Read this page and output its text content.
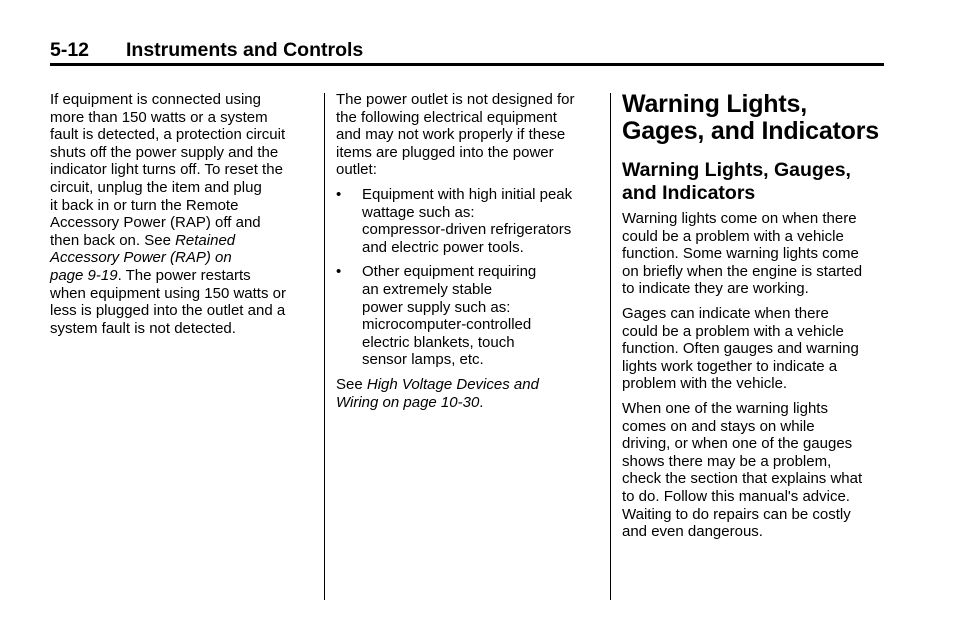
5-12 Instruments and Controls

If equipment is connected using
more than 150 watts or a system
fault is detected, a protection circuit
shuts off the power supply and the
indicator light turns off. To reset the
circuit, unplug the item and plug
it back in or turn the Remote
Accessory Power (RAP) off and
then back on. See Retained
Accessory Power (RAP) on
page 9-19. The power restarts
when equipment using 150 watts or
less is plugged into the outlet and a
system fault is not detected.

The power outlet is not designed for
the following electrical equipment
and may not work properly if these
items are plugged into the power
outlet:

• Equipment with high initial peak
wattage such as:
compressor-driven refrigerators
and electric power tools.
• Other equipment requiring
an extremely stable
power supply such as:
microcomputer-controlled
electric blankets, touch
sensor lamps, etc.

See High Voltage Devices and
Wiring on page 10-30.

Warning Lights,
Gages, and Indicators
Warning Lights, Gauges,
and Indicators

Warning lights come on when there
could be a problem with a vehicle
function. Some warning lights come
on briefly when the engine is started
to indicate they are working.

Gages can indicate when there
could be a problem with a vehicle
function. Often gauges and warning
lights work together to indicate a
problem with the vehicle.

When one of the warning lights
comes on and stays on while
driving, or when one of the gauges
shows there may be a problem,
check the section that explains what
to do. Follow this manual's advice.
Waiting to do repairs can be costly
and even dangerous.
